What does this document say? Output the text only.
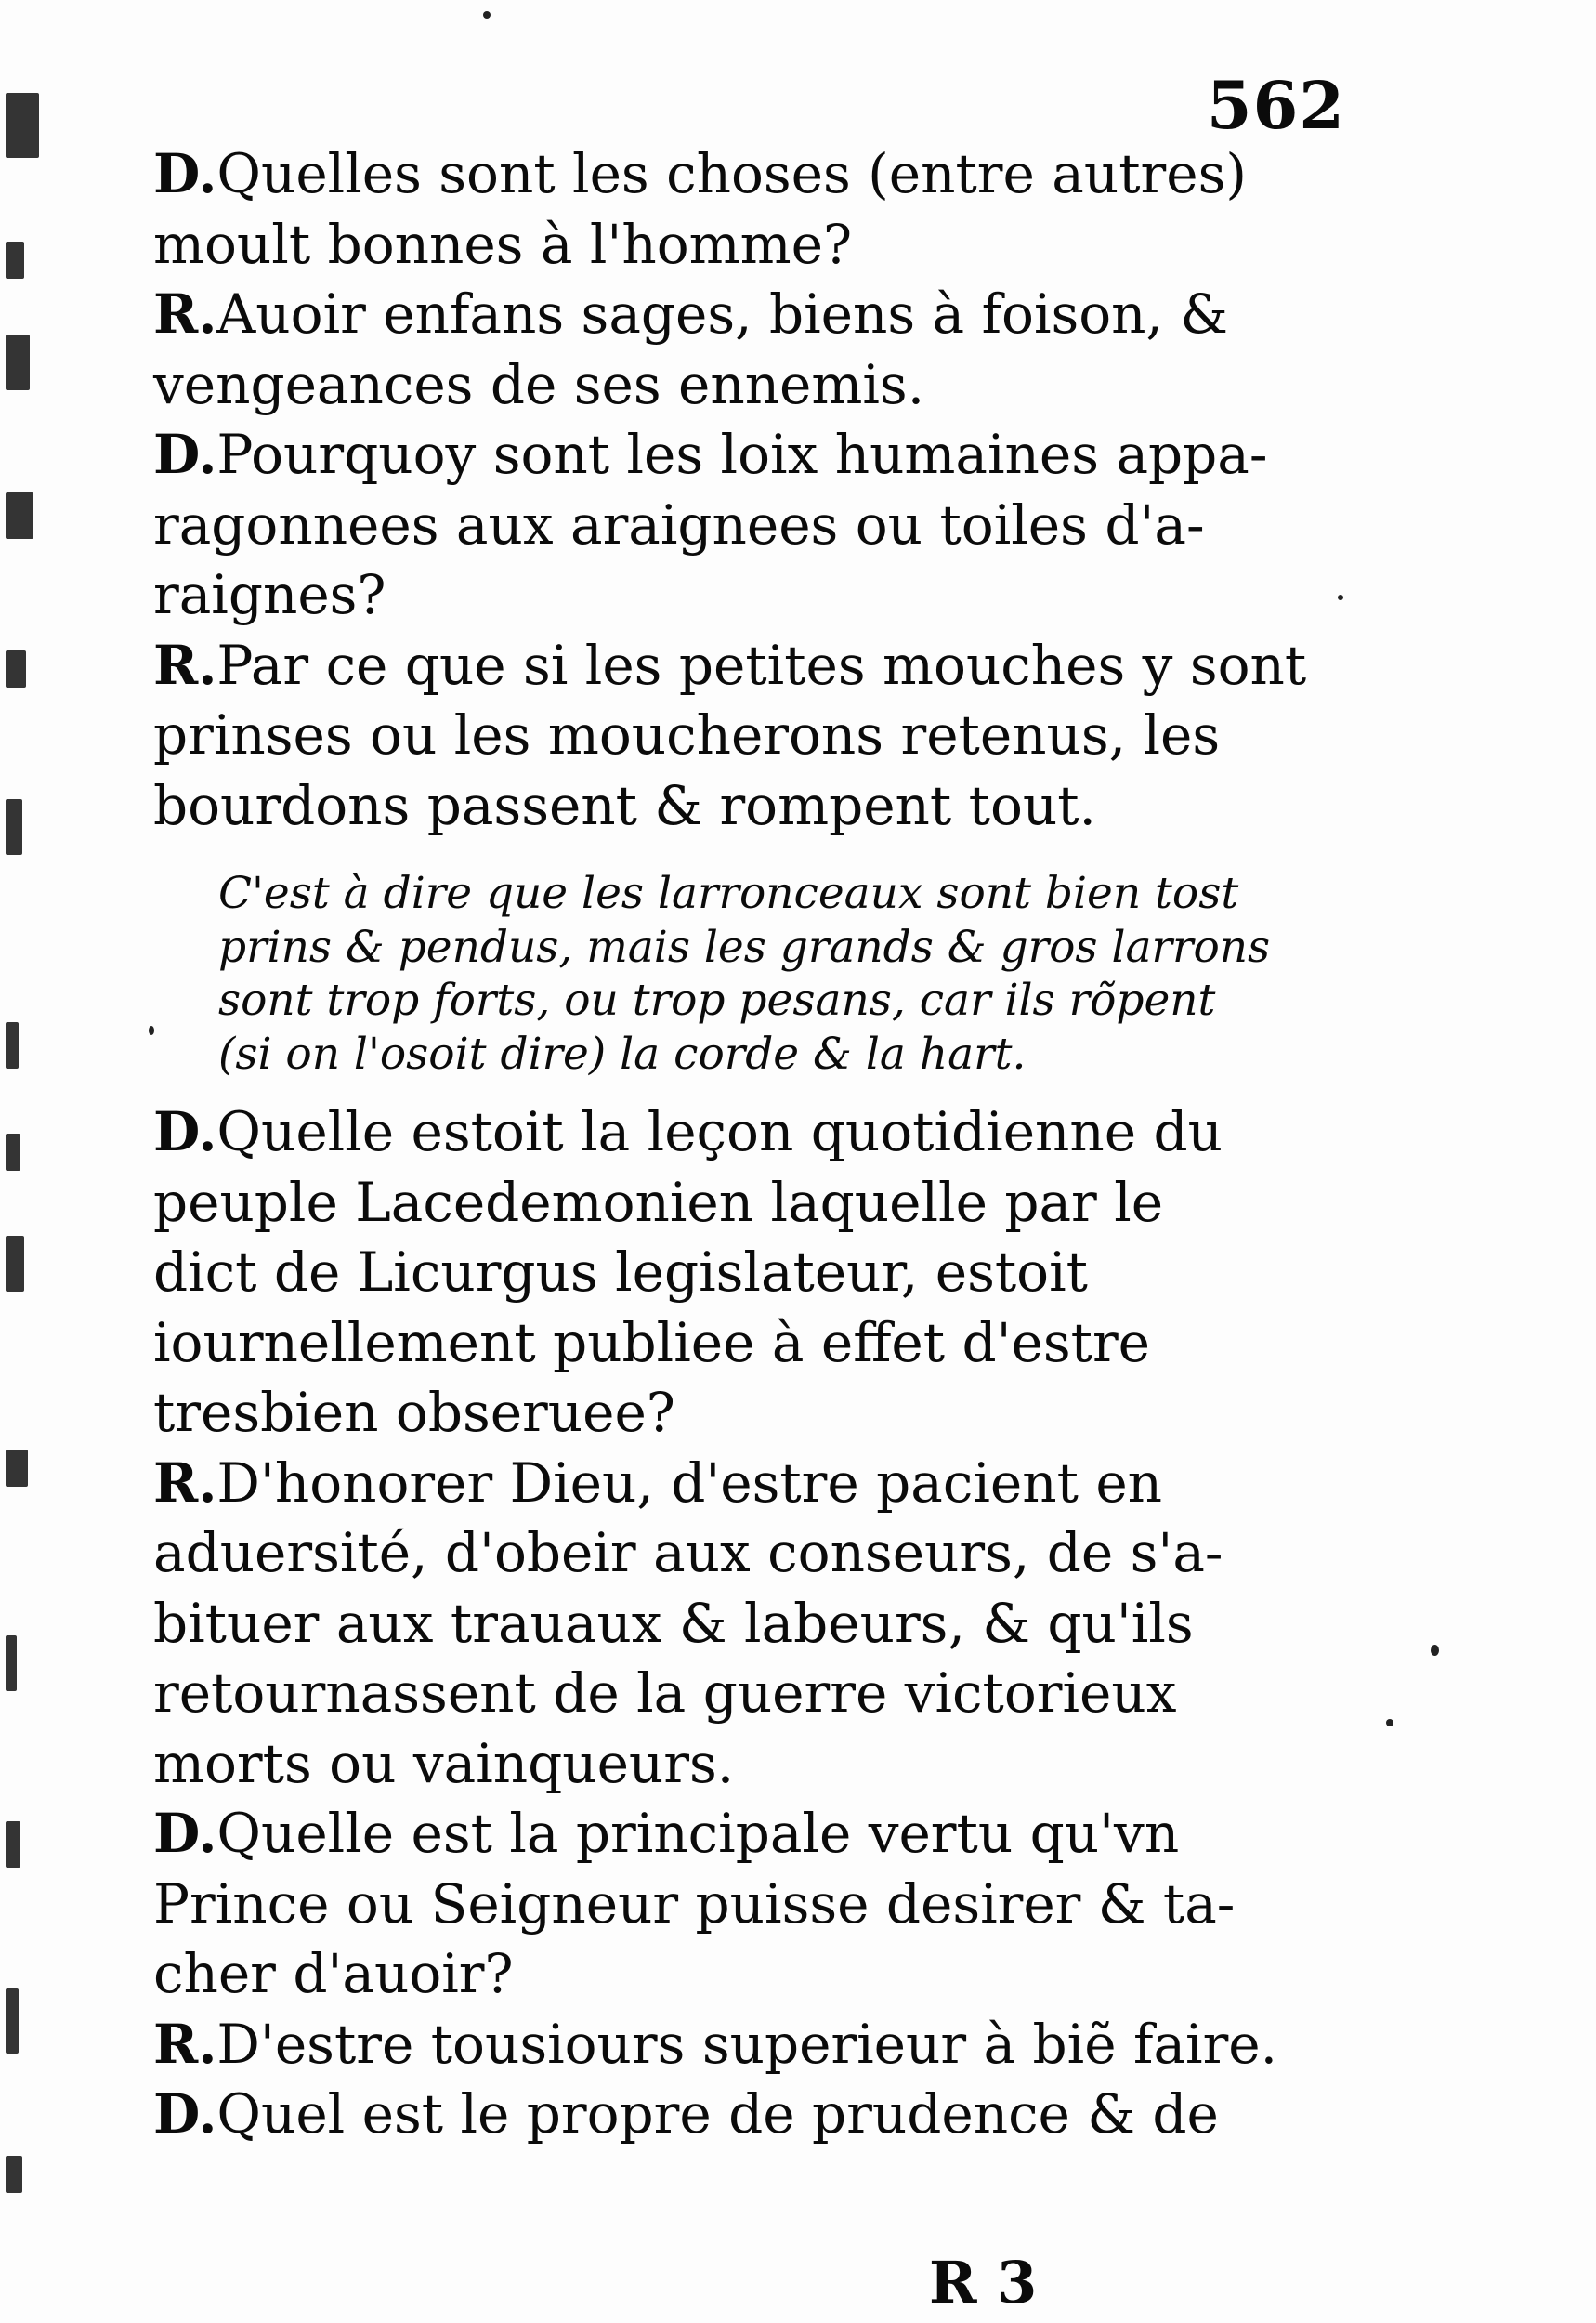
562

D.Quelles sont les choses (entre autres)
moult bonnes à l'homme?

R.Auoir enfans sages, biens à foison, &
vengeances de ses ennemis.

D.Pourquoy sont les loix humaines appa-
ragonnees aux araignees ou toiles d'a-
raignes?

R.Par ce que si les petites mouches y sont
prinses ou les moucherons retenus, les
bourdons passent & rompent tout.

C'est à dire que les larronceaux sont bien tost
prins & pendus, mais les grands & gros larrons
sont trop forts, ou trop pesans, car ils rõpent
(si on l'osoit dire) la corde & la hart.

D.Quelle estoit la leçon quotidienne du
peuple Lacedemonien laquelle par le
dict de Licurgus legislateur, estoit
iournellement publiee à effet d'estre
tresbien obseruee?

R.D'honorer Dieu, d'estre pacient en
aduersité, d'obeir aux conseurs, de s'a-
bituer aux trauaux & labeurs, & qu'ils
retournassent de la guerre victorieux
morts ou vainqueurs.

D.Quelle est la principale vertu qu'vn
Prince ou Seigneur puisse desirer & ta-
cher d'auoir?

R.D'estre tousiours superieur à biẽ faire.

D.Quel est le propre de prudence & de

R 3
